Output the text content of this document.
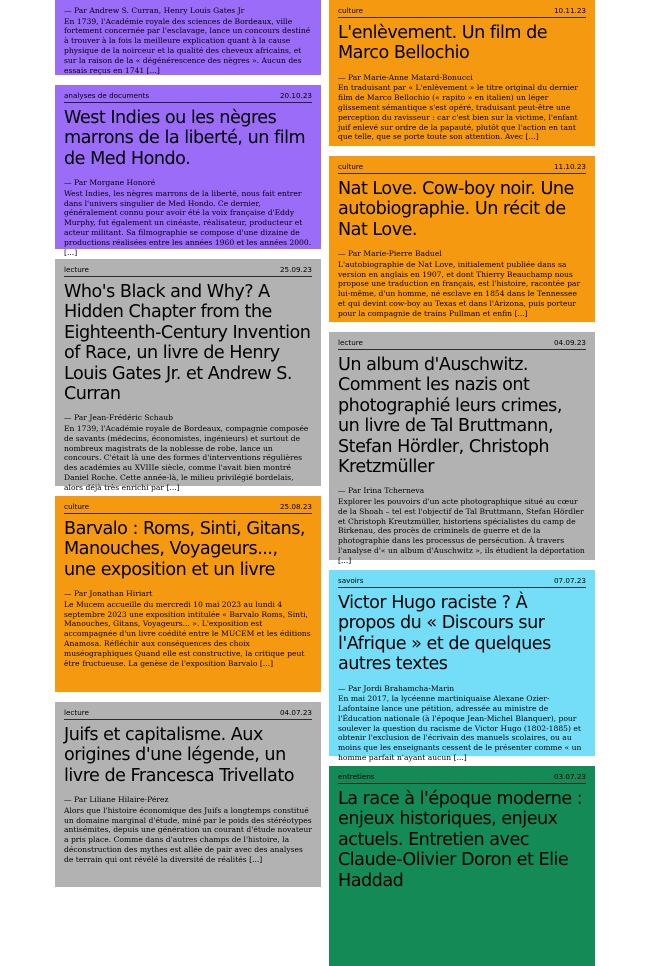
— Par Andrew S. Curran, Henry Louis Gates Jr

En 1739, l'Académie royale des sciences de Bordeaux, ville fortement concernée par l'esclavage, lance un concours destiné à trouver à la fois la meilleure explication quant à la cause physique de la noirceur et la qualité des cheveux africains, et sur la raison de la « dégénérescence des nègres ». Aucun des essais reçus en 1741 [...]

analyses de documents	20.10.23
West Indies ou les nègres marrons de la liberté, un film de Med Hondo.

— Par Morgane Honoré

West Indies, les nègres marrons de la liberté, nous fait entrer dans l'univers singulier de Med Hondo. Ce dernier, généralement connu pour avoir été la voix française d'Eddy Murphy, fut également un cinéaste, réalisateur, producteur et acteur militant. Sa filmographie se compose d'une dizaine de productions réalisées entre les années 1960 et les années 2000. [...]

lecture	25.09.23
Who's Black and Why? A Hidden Chapter from the Eighteenth-Century Invention of Race, un livre de Henry Louis Gates Jr. et Andrew S. Curran

— Par Jean-Frédéric Schaub

En 1739, l'Académie royale de Bordeaux, compagnie composée de savants (médecins, économistes, ingénieurs) et surtout de nombreux magistrats de la noblesse de robe, lance un concours. C'était là une des formes d'interventions régulières des académies au XVIIIe siècle, comme l'avait bien montré Daniel Roche. Cette année-là, le milieu privilégié bordelais, alors déjà très enrichi par [...]

culture	25.08.23
Barvalo : Roms, Sinti, Gitans, Manouches, Voyageurs..., une exposition et un livre

— Par Jonathan Hiriart

Le Mucem accueille du mercredi 10 mai 2023 au lundi 4 septembre 2023 une exposition intitulée « Barvalo Roms, Sinti, Manouches, Gitans, Voyageurs... ». L'exposition est accompagnée d'un livre coédité entre le MUCEM et les éditions Anamosa. Réfléchir aux conséquences des choix muséographiques Quand elle est constructive, la critique peut être fructueuse. La genèse de l'exposition Barvalo [...]

lecture	04.07.23
Juifs et capitalisme. Aux origines d'une légende, un livre de Francesca Trivellato

— Par Liliane Hilaire-Pérez

Alors que l'histoire économique des Juifs a longtemps constitué un domaine marginal d'étude, miné par le poids des stéréotypes antisémites, depuis une génération un courant d'étude novateur a pris place. Comme dans d'autres champs de l'histoire, la déconstruction des mythes est allée de pair avec des analyses de terrain qui ont révélé la diversité de réalités [...]

culture	10.11.23
L'enlèvement. Un film de Marco Bellochio

— Par Marie-Anne Matard-Bonucci

En traduisant par « L'enlèvement » le titre original du dernier film de Marco Bellochio (« rapito » en italien) un léger glissement sémantique s'est opéré, traduisant peut-être une perception du ravisseur : car c'est bien sur la victime, l'enfant juif enlevé sur ordre de la papauté, plutôt que l'action en tant que telle, que se porte toute son attention. Avec [...]

culture	11.10.23
Nat Love. Cow-boy noir. Une autobiographie. Un récit de Nat Love.

— Par Marie-Pierre Baduel

L'autobiographie de Nat Love, initialement publiée dans sa version en anglais en 1907, et dont Thierry Beauchamp nous propose une traduction en français, est l'histoire, racontée par lui-même, d'un homme, né esclave en 1854 dans le Tennessee et qui devint cow-boy au Texas et dans l'Arizona, puis porteur pour la compagnie de trains Pullman et enfin [...]

lecture	04.09.23
Un album d'Auschwitz. Comment les nazis ont photographié leurs crimes, un livre de Tal Bruttmann, Stefan Hördler, Christoph Kretzmüller

— Par Irina Tcherneva

Explorer les pouvoirs d'un acte photographique situé au cœur de la Shoah – tel est l'objectif de Tal Bruttmann, Stefan Hördler et Christoph Kreutzmüller, historiens spécialistes du camp de Birkenau, des procès de criminels de guerre et de la photographie dans les processus de persécution. À travers l'analyse d'« un album d'Auschwitz », ils étudient la déportation [...]

savoirs	07.07.23
Victor Hugo raciste ? À propos du « Discours sur l'Afrique » et de quelques autres textes

— Par Jordi Brahamcha-Marin

En mai 2017, la lycéenne martiniquaise Alexane Ozier-Lafontaine lance une pétition, adressée au ministre de l'Éducation nationale (à l'époque Jean-Michel Blanquer), pour soulever la question du racisme de Victor Hugo (1802-1885) et obtenir l'exclusion de l'écrivain des manuels scolaires, ou au moins que les enseignants cessent de le présenter comme « un homme parfait n'ayant aucun [...]

entretiens	03.07.23
La race à l'époque moderne : enjeux historiques, enjeux actuels. Entretien avec Claude-Olivier Doron et Elie Haddad
